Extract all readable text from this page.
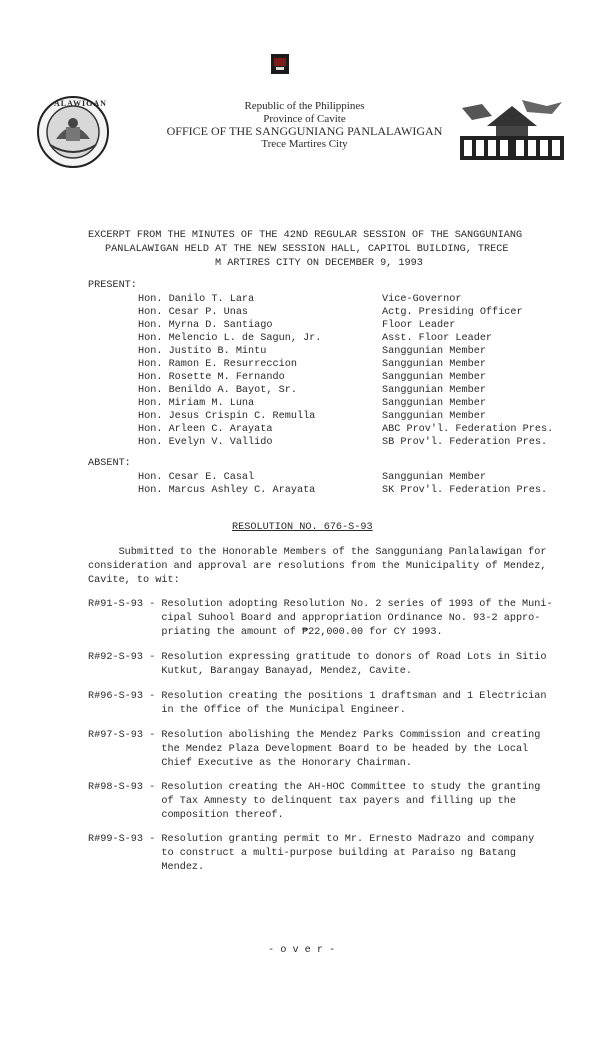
ALAWIGAN	Republic of the Philippines
Province of Cavite
OFFICE OF THE SANGGUNIANG PANLALAWIGAN
Trece Martires City
EXCERPT FROM THE MINUTES OF THE 42ND REGULAR SESSION OF THE SANGGUNIANG
PANLALAWIGAN HELD AT THE NEW SESSION HALL, CAPITOL BUILDING, TRECE
M ARTIRES CITY ON DECEMBER 9, 1993
PRESENT:
Hon. Danilo T. Lara	Vice-Governor
Hon. Cesar P. Unas	Actg. Presiding Officer
Hon. Myrna D. Santiago	Floor Leader
Hon. Melencio L. de Sagun, Jr.	Asst. Floor Leader
Hon. Justito B. Mintu	Sanggunian Member
Hon. Ramon E. Resurreccion	Sanggunian Member
Hon. Rosette M. Fernando	Sanggunian Member
Hon. Benildo A. Bayot, Sr.	Sanggunian Member
Hon. Miriam M. Luna	Sanggunian Member
Hon. Jesus Crispin C. Remulla	Sanggunian Member
Hon. Arleen C. Arayata	ABC Prov'l. Federation Pres.
Hon. Evelyn V. Vallido	SB Prov'l. Federation Pres.
ABSENT:
Hon. Cesar E. Casal	Sanggunian Member
Hon. Marcus Ashley C. Arayata	SK Prov'l. Federation Pres.
RESOLUTION NO. 676-S-93
Submitted to the Honorable Members of the Sangguniang Panlalawigan for
consideration and approval are resolutions from the Municipality of Mendez,
Cavite, to wit:
R#91-S-93 - Resolution adopting Resolution No. 2 series of 1993 of the Muni-
cipal Suhool Board and appropriation Ordinance No. 93-2 appro-
priating the amount of ₱22,000.00 for CY 1993.
R#92-S-93 - Resolution expressing gratitude to donors of Road Lots in Sitio
Kutkut, Barangay Banayad, Mendez, Cavite.
R#96-S-93 - Resolution creating the positions 1 draftsman and 1 Electrician
in the Office of the Municipal Engineer.
R#97-S-93 - Resolution abolishing the Mendez Parks Commission and creating
the Mendez Plaza Development Board to be headed by the Local
Chief Executive as the Honorary Chairman.
R#98-S-93 - Resolution creating the AH-HOC Committee to study the granting
of Tax Amnesty to delinquent tax payers and filling up the
composition thereof.
R#99-S-93 - Resolution granting permit to Mr. Ernesto Madrazo and company
to construct a multi-purpose building at Paraiso ng Batang
Mendez.
- o v e r -
